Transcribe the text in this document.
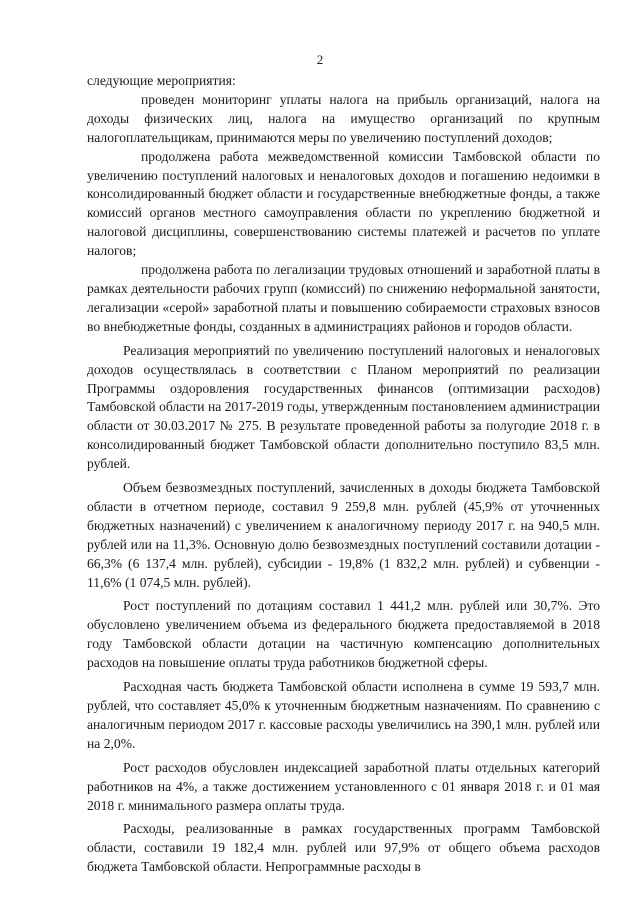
2

следующие мероприятия:

проведен мониторинг уплаты налога на прибыль организаций, налога на доходы физических лиц, налога на имущество организаций по крупным налогоплательщикам, принимаются меры по увеличению поступлений доходов;

продолжена работа межведомственной комиссии Тамбовской области по увеличению поступлений налоговых и неналоговых доходов и погашению недоимки в консолидированный бюджет области и государственные внебюджетные фонды, а также комиссий органов местного самоуправления области по укреплению бюджетной и налоговой дисциплины, совершенствованию системы платежей и расчетов по уплате налогов;

продолжена работа по легализации трудовых отношений и заработной платы в рамках деятельности рабочих групп (комиссий) по снижению неформальной занятости, легализации «серой» заработной платы и повышению собираемости страховых взносов во внебюджетные фонды, созданных в администрациях районов и городов области.

Реализация мероприятий по увеличению поступлений налоговых и неналоговых доходов осуществлялась в соответствии с Планом мероприятий по реализации Программы оздоровления государственных финансов (оптимизации расходов) Тамбовской области на 2017-2019 годы, утвержденным постановлением администрации области от 30.03.2017 № 275. В результате проведенной работы за полугодие 2018 г. в консолидированный бюджет Тамбовской области дополнительно поступило 83,5 млн. рублей.

Объем безвозмездных поступлений, зачисленных в доходы бюджета Тамбовской области в отчетном периоде, составил 9 259,8 млн. рублей (45,9% от уточненных бюджетных назначений) с увеличением к аналогичному периоду 2017 г. на 940,5 млн. рублей или на 11,3%. Основную долю безвозмездных поступлений составили дотации - 66,3% (6 137,4 млн. рублей), субсидии - 19,8% (1 832,2 млн. рублей) и субвенции - 11,6% (1 074,5 млн. рублей).

Рост поступлений по дотациям составил 1 441,2 млн. рублей или 30,7%. Это обусловлено увеличением объема из федерального бюджета предоставляемой в 2018 году Тамбовской области дотации на частичную компенсацию дополнительных расходов на повышение оплаты труда работников бюджетной сферы.

Расходная часть бюджета Тамбовской области исполнена в сумме 19 593,7 млн. рублей, что составляет 45,0% к уточненным бюджетным назначениям. По сравнению с аналогичным периодом 2017 г. кассовые расходы увеличились на 390,1 млн. рублей или на 2,0%.

Рост расходов обусловлен индексацией заработной платы отдельных категорий работников на 4%, а также достижением установленного с 01 января 2018 г. и 01 мая 2018 г. минимального размера оплаты труда.

Расходы, реализованные в рамках государственных программ Тамбовской области, составили 19 182,4 млн. рублей или 97,9% от общего объема расходов бюджета Тамбовской области. Непрограммные расходы в
